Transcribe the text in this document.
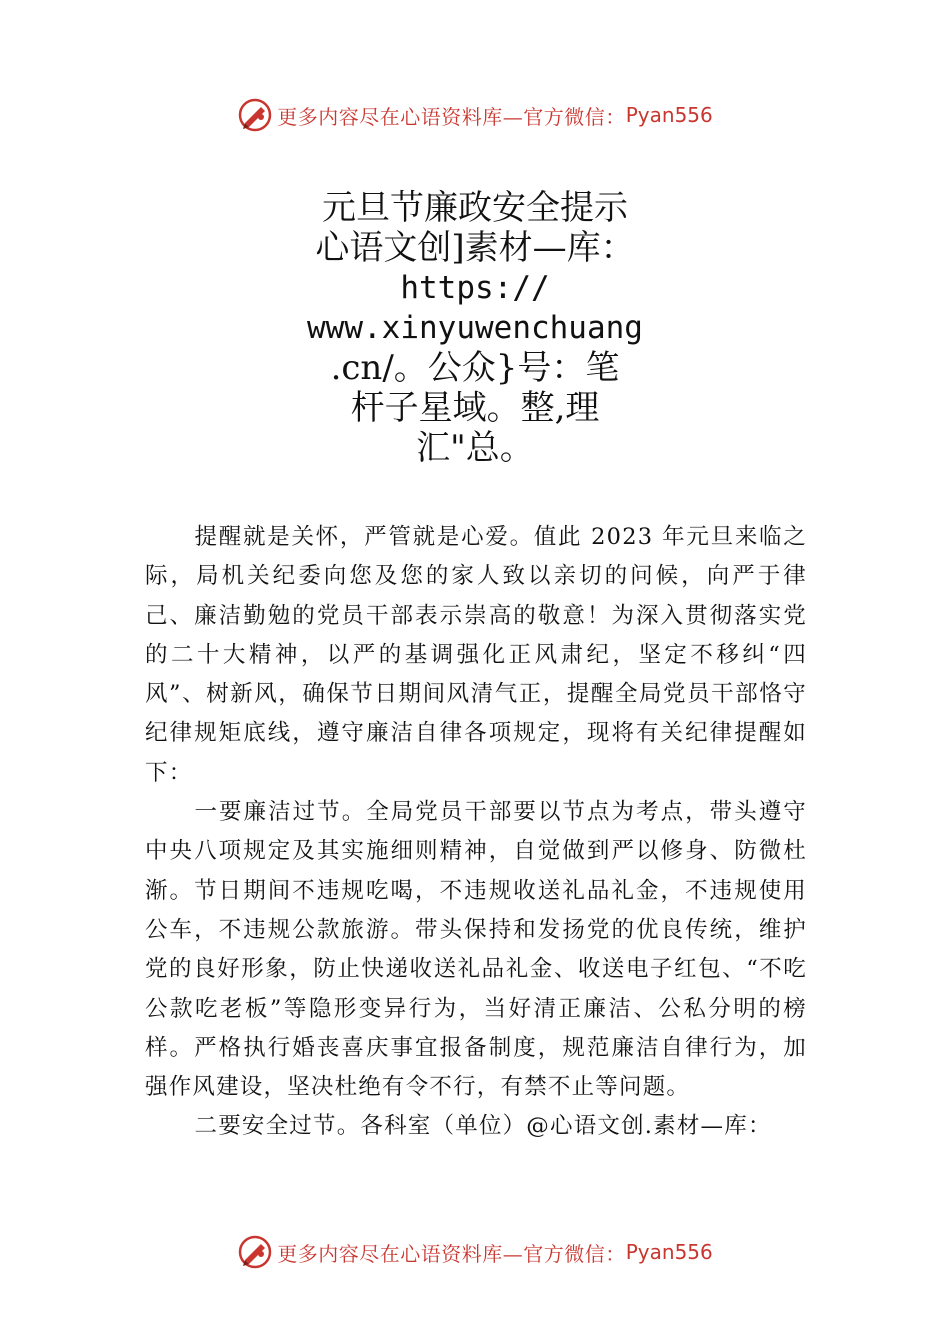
更多内容尽在心语资料库—官方微信： Pyan556
元旦节廉政安全提示
心语文创]素材—库：
https://
www.xinyuwenchuang
.cn/。公众}号：笔
杆子星域。整,理
汇"总。

提醒就是关怀，严管就是心爱。值此 2023 年元旦来临之际，局机关纪委向您及您的家人致以亲切的问候，向严于律己、廉洁勤勉的党员干部表示崇高的敬意！为深入贯彻落实党的二十大精神，以严的基调强化正风肃纪，坚定不移纠“四风”、树新风，确保节日期间风清气正，提醒全局党员干部恪守纪律规矩底线，遵守廉洁自律各项规定，现将有关纪律提醒如下：

一要廉洁过节。全局党员干部要以节点为考点，带头遵守中央八项规定及其实施细则精神，自觉做到严以修身、防微杜渐。节日期间不违规吃喝，不违规收送礼品礼金，不违规使用公车，不违规公款旅游。带头保持和发扬党的优良传统，维护党的良好形象，防止快递收送礼品礼金、收送电子红包、“不吃公款吃老板”等隐形变异行为，当好清正廉洁、公私分明的榜样。严格执行婚丧喜庆事宜报备制度，规范廉洁自律行为，加强作风建设，坚决杜绝有令不行，有禁不止等问题。

二要安全过节。各科室（单位）@心语文创.素材—库：

更多内容尽在心语资料库—官方微信： Pyan556
